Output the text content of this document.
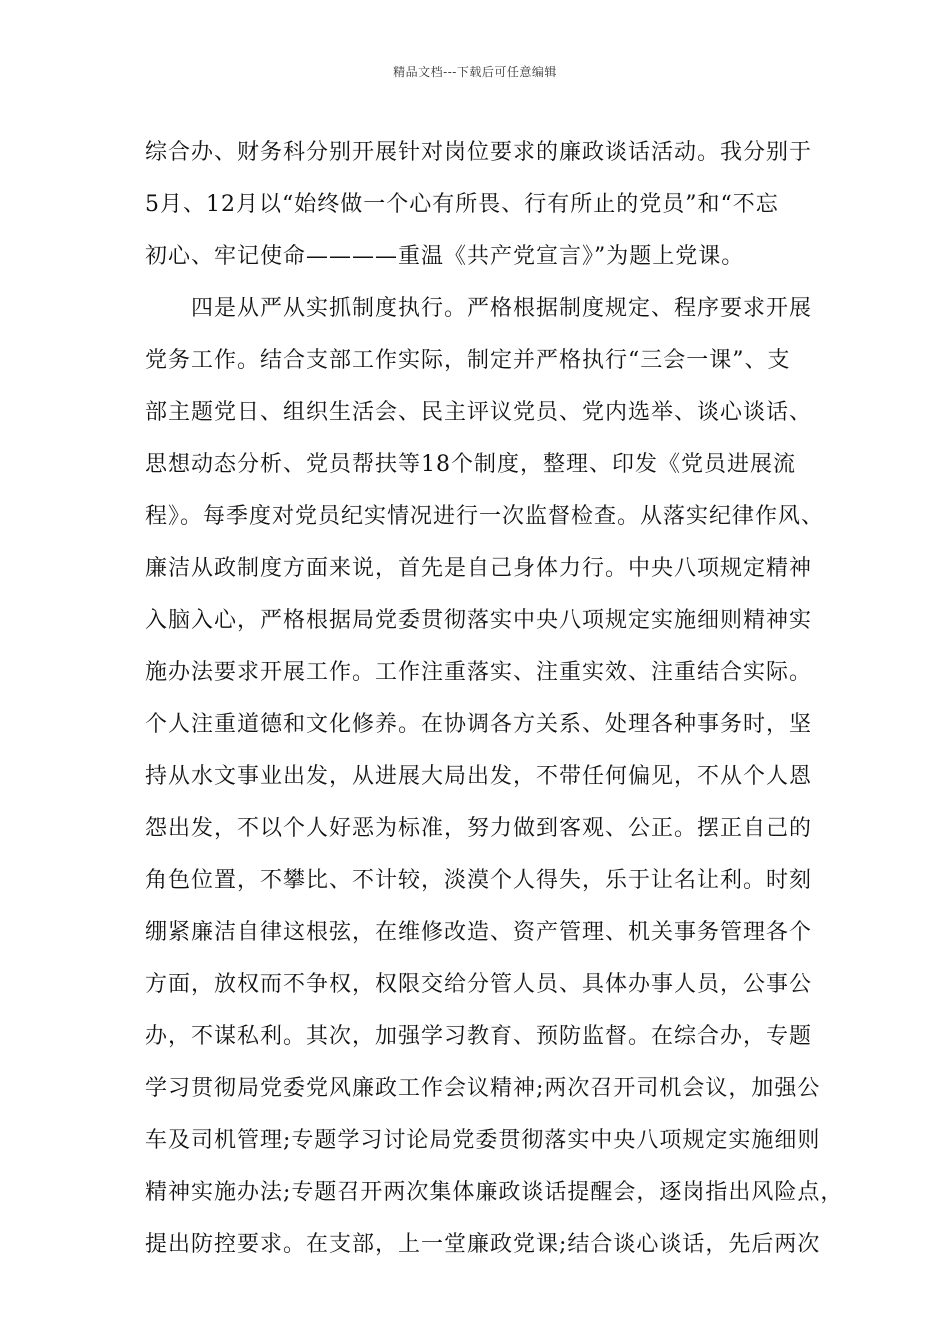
精品文档---下载后可任意编辑
综合办、财务科分别开展针对岗位要求的廉政谈话活动。我分别于
5月、12月以“始终做一个心有所畏、行有所止的党员”和“不忘
初心、牢记使命————重温《共产党宣言》”为题上党课。
　　四是从严从实抓制度执行。严格根据制度规定、程序要求开展
党务工作。结合支部工作实际，制定并严格执行“三会一课”、支
部主题党日、组织生活会、民主评议党员、党内选举、谈心谈话、
思想动态分析、党员帮扶等18个制度，整理、印发《党员进展流
程》。每季度对党员纪实情况进行一次监督检查。从落实纪律作风、
廉洁从政制度方面来说，首先是自己身体力行。中央八项规定精神
入脑入心，严格根据局党委贯彻落实中央八项规定实施细则精神实
施办法要求开展工作。工作注重落实、注重实效、注重结合实际。
个人注重道德和文化修养。在协调各方关系、处理各种事务时，坚
持从水文事业出发，从进展大局出发，不带任何偏见，不从个人恩
怨出发，不以个人好恶为标准，努力做到客观、公正。摆正自己的
角色位置，不攀比、不计较，淡漠个人得失，乐于让名让利。时刻
绷紧廉洁自律这根弦，在维修改造、资产管理、机关事务管理各个
方面，放权而不争权，权限交给分管人员、具体办事人员，公事公
办，不谋私利。其次，加强学习教育、预防监督。在综合办，专题
学习贯彻局党委党风廉政工作会议精神;两次召开司机会议，加强公
车及司机管理;专题学习讨论局党委贯彻落实中央八项规定实施细则
精神实施办法;专题召开两次集体廉政谈话提醒会，逐岗指出风险点，
提出防控要求。在支部，上一堂廉政党课;结合谈心谈话，先后两次
